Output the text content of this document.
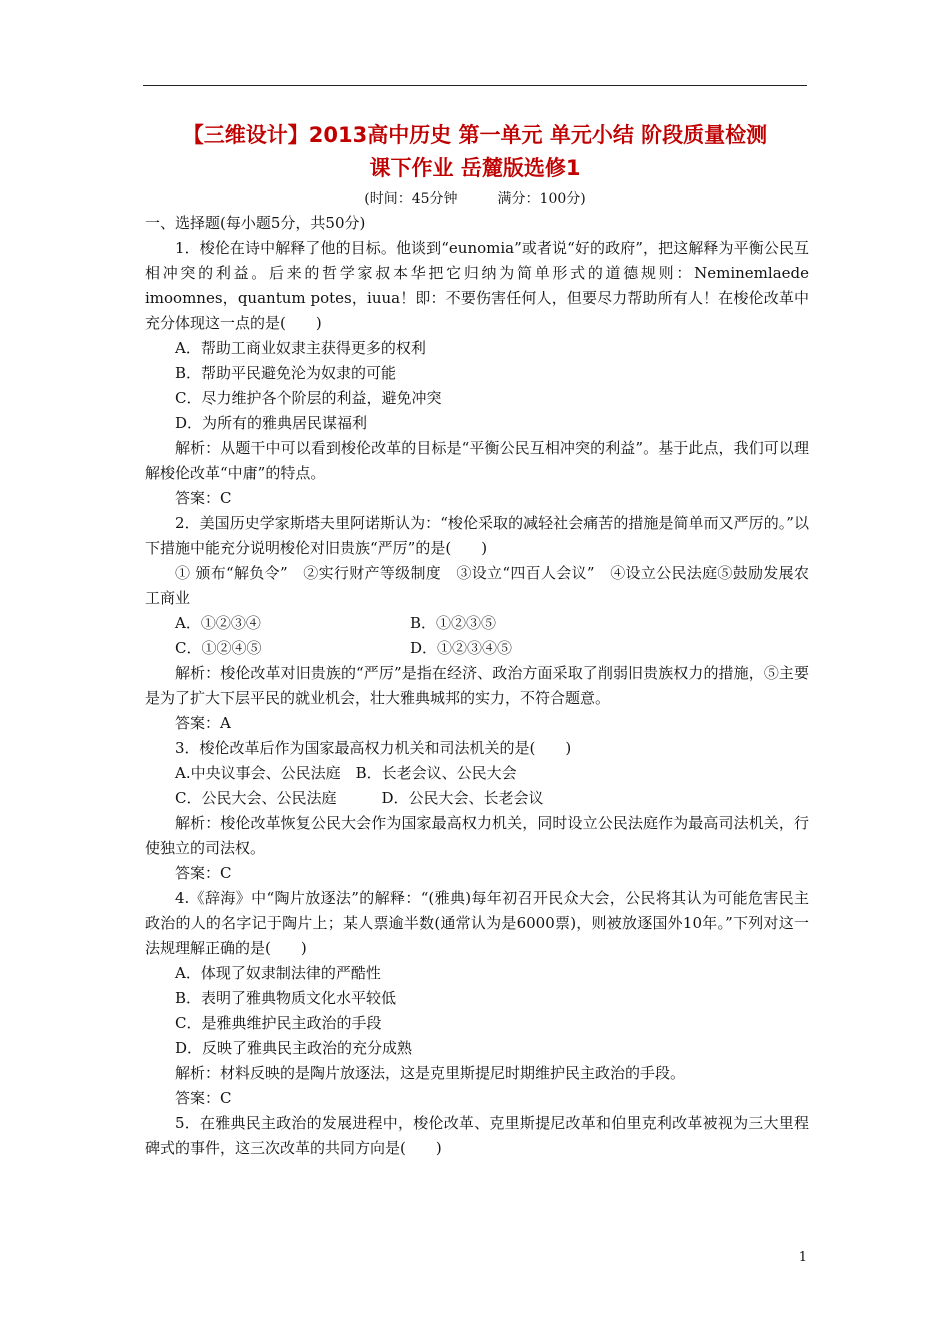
【三维设计】2013高中历史 第一单元 单元小结 阶段质量检测
课下作业 岳麓版选修1
(时间：45分钟	满分：100分)

一、选择题(每小题5分，共50分)

1．梭伦在诗中解释了他的目标。他谈到“eunomia”或者说“好的政府”，把这解释为平衡公民互相冲突的利益。后来的哲学家叔本华把它归纳为简单形式的道德规则：Neminemlaede imoomnes，quantum potes，iuua！即：不要伤害任何人，但要尽力帮助所有人！在梭伦改革中充分体现这一点的是(　　)

A．帮助工商业奴隶主获得更多的权利

B．帮助平民避免沦为奴隶的可能

C．尽力维护各个阶层的利益，避免冲突

D．为所有的雅典居民谋福利

解析：从题干中可以看到梭伦改革的目标是“平衡公民互相冲突的利益”。基于此点，我们可以理解梭伦改革“中庸”的特点。

答案：C

2．美国历史学家斯塔夫里阿诺斯认为：“梭伦采取的减轻社会痛苦的措施是简单而又严厉的。”以下措施中能充分说明梭伦对旧贵族“严厉”的是(　　)

① 颁布“解负令”　②实行财产等级制度　③设立“四百人会议”　④设立公民法庭⑤鼓励发展农工商业

A．①②③④	B．①②③⑤
C．①②④⑤	D．①②③④⑤

解析：梭伦改革对旧贵族的“严厉”是指在经济、政治方面采取了削弱旧贵族权力的措施，⑤主要是为了扩大下层平民的就业机会，壮大雅典城邦的实力，不符合题意。

答案：A

3．梭伦改革后作为国家最高权力机关和司法机关的是(　　)

A.中央议事会、公民法庭　B．长老会议、公民大会

C．公民大会、公民法庭　　　D．公民大会、长老会议

解析：梭伦改革恢复公民大会作为国家最高权力机关，同时设立公民法庭作为最高司法机关，行使独立的司法权。

答案：C

4.《辞海》中“陶片放逐法”的解释：“(雅典)每年初召开民众大会，公民将其认为可能危害民主政治的人的名字记于陶片上；某人票逾半数(通常认为是6000票)，则被放逐国外10年。”下列对这一法规理解正确的是(　　)

A．体现了奴隶制法律的严酷性

B．表明了雅典物质文化水平较低

C．是雅典维护民主政治的手段

D．反映了雅典民主政治的充分成熟

解析：材料反映的是陶片放逐法，这是克里斯提尼时期维护民主政治的手段。

答案：C

5．在雅典民主政治的发展进程中，梭伦改革、克里斯提尼改革和伯里克利改革被视为三大里程碑式的事件，这三次改革的共同方向是(　　)

1
